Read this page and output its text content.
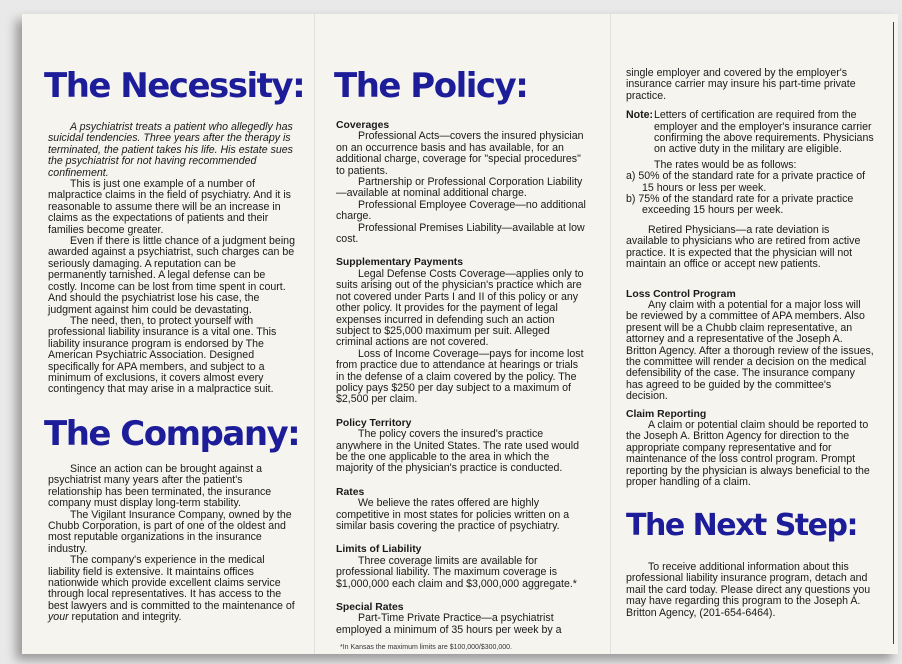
The Necessity:

A psychiatrist treats a patient who allegedly has suicidal tendencies. Three years after the therapy is terminated, the patient takes his life. His estate sues the psychiatrist for not having recommended confinement.

This is just one example of a number of malpractice claims in the field of psychiatry. And it is reasonable to assume there will be an increase in claims as the expectations of patients and their families become greater.

Even if there is little chance of a judgment being awarded against a psychiatrist, such charges can be seriously damaging. A reputation can be permanently tarnished. A legal defense can be costly. Income can be lost from time spent in court. And should the psychiatrist lose his case, the judgment against him could be devastating.

The need, then, to protect yourself with professional liability insurance is a vital one. This liability insurance program is endorsed by The American Psychiatric Association. Designed specifically for APA members, and subject to a minimum of exclusions, it covers almost every contingency that may arise in a malpractice suit.

The Company:

Since an action can be brought against a psychiatrist many years after the patient's relationship has been terminated, the insurance company must display long-term stability.

The Vigilant Insurance Company, owned by the Chubb Corporation, is part of one of the oldest and most reputable organizations in the insurance industry.

The company's experience in the medical liability field is extensive. It maintains offices nationwide which provide excellent claims service through local representatives. It has access to the best lawyers and is committed to the maintenance of your reputation and integrity.

The Policy:

Coverages

Professional Acts—covers the insured physician on an occurrence basis and has available, for an additional charge, coverage for "special procedures" to patients.

Partnership or Professional Corporation Liability—available at nominal additional charge.

Professional Employee Coverage—no additional charge.

Professional Premises Liability—available at low cost.

Supplementary Payments

Legal Defense Costs Coverage—applies only to suits arising out of the physician's practice which are not covered under Parts I and II of this policy or any other policy. It provides for the payment of legal expenses incurred in defending such an action subject to $25,000 maximum per suit. Alleged criminal actions are not covered.

Loss of Income Coverage—pays for income lost from practice due to attendance at hearings or trials in the defense of a claim covered by the policy. The policy pays $250 per day subject to a maximum of $2,500 per claim.

Policy Territory

The policy covers the insured's practice anywhere in the United States. The rate used would be the one applicable to the area in which the majority of the physician's practice is conducted.

Rates

We believe the rates offered are highly competitive in most states for policies written on a similar basis covering the practice of psychiatry.

Limits of Liability

Three coverage limits are available for professional liability. The maximum coverage is $1,000,000 each claim and $3,000,000 aggregate.*

Special Rates

Part-Time Private Practice—a psychiatrist employed a minimum of 35 hours per week by a

*In Kansas the maximum limits are $100,000/$300,000.

single employer and covered by the employer's insurance carrier may insure his part-time private practice.

Note: Letters of certification are required from the employer and the employer's insurance carrier confirming the above requirements. Physicians on active duty in the military are eligible.

The rates would be as follows:

a) 50% of the standard rate for a private practice of 15 hours or less per week.

b) 75% of the standard rate for a private practice exceeding 15 hours per week.

Retired Physicians—a rate deviation is available to physicians who are retired from active practice. It is expected that the physician will not maintain an office or accept new patients.

Loss Control Program

Any claim with a potential for a major loss will be reviewed by a committee of APA members. Also present will be a Chubb claim representative, an attorney and a representative of the Joseph A. Britton Agency. After a thorough review of the issues, the committee will render a decision on the medical defensibility of the case. The insurance company has agreed to be guided by the committee's decision.

Claim Reporting

A claim or potential claim should be reported to the Joseph A. Britton Agency for direction to the appropriate company representative and for maintenance of the loss control program. Prompt reporting by the physician is always beneficial to the proper handling of a claim.

The Next Step:

To receive additional information about this professional liability insurance program, detach and mail the card today. Please direct any questions you may have regarding this program to the Joseph A. Britton Agency, (201-654-6464).
